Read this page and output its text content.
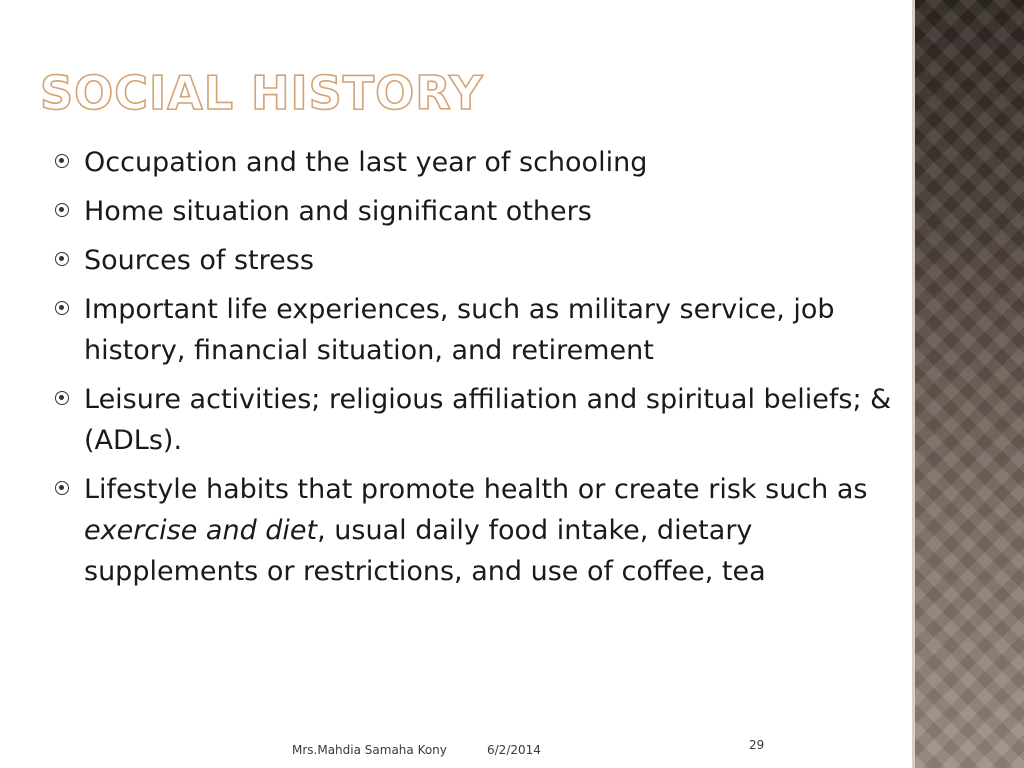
SOCIAL HISTORY
Occupation and the last year of schooling
Home situation and significant others
Sources of stress
Important life experiences, such as military service, job history, financial situation, and retirement
Leisure activities; religious affiliation and spiritual beliefs; & (ADLs).
Lifestyle habits that promote health or create risk such as exercise and diet, usual daily food intake, dietary supplements or restrictions, and use of coffee, tea
Mrs.Mahdia Samaha Kony	6/2/2014	29
